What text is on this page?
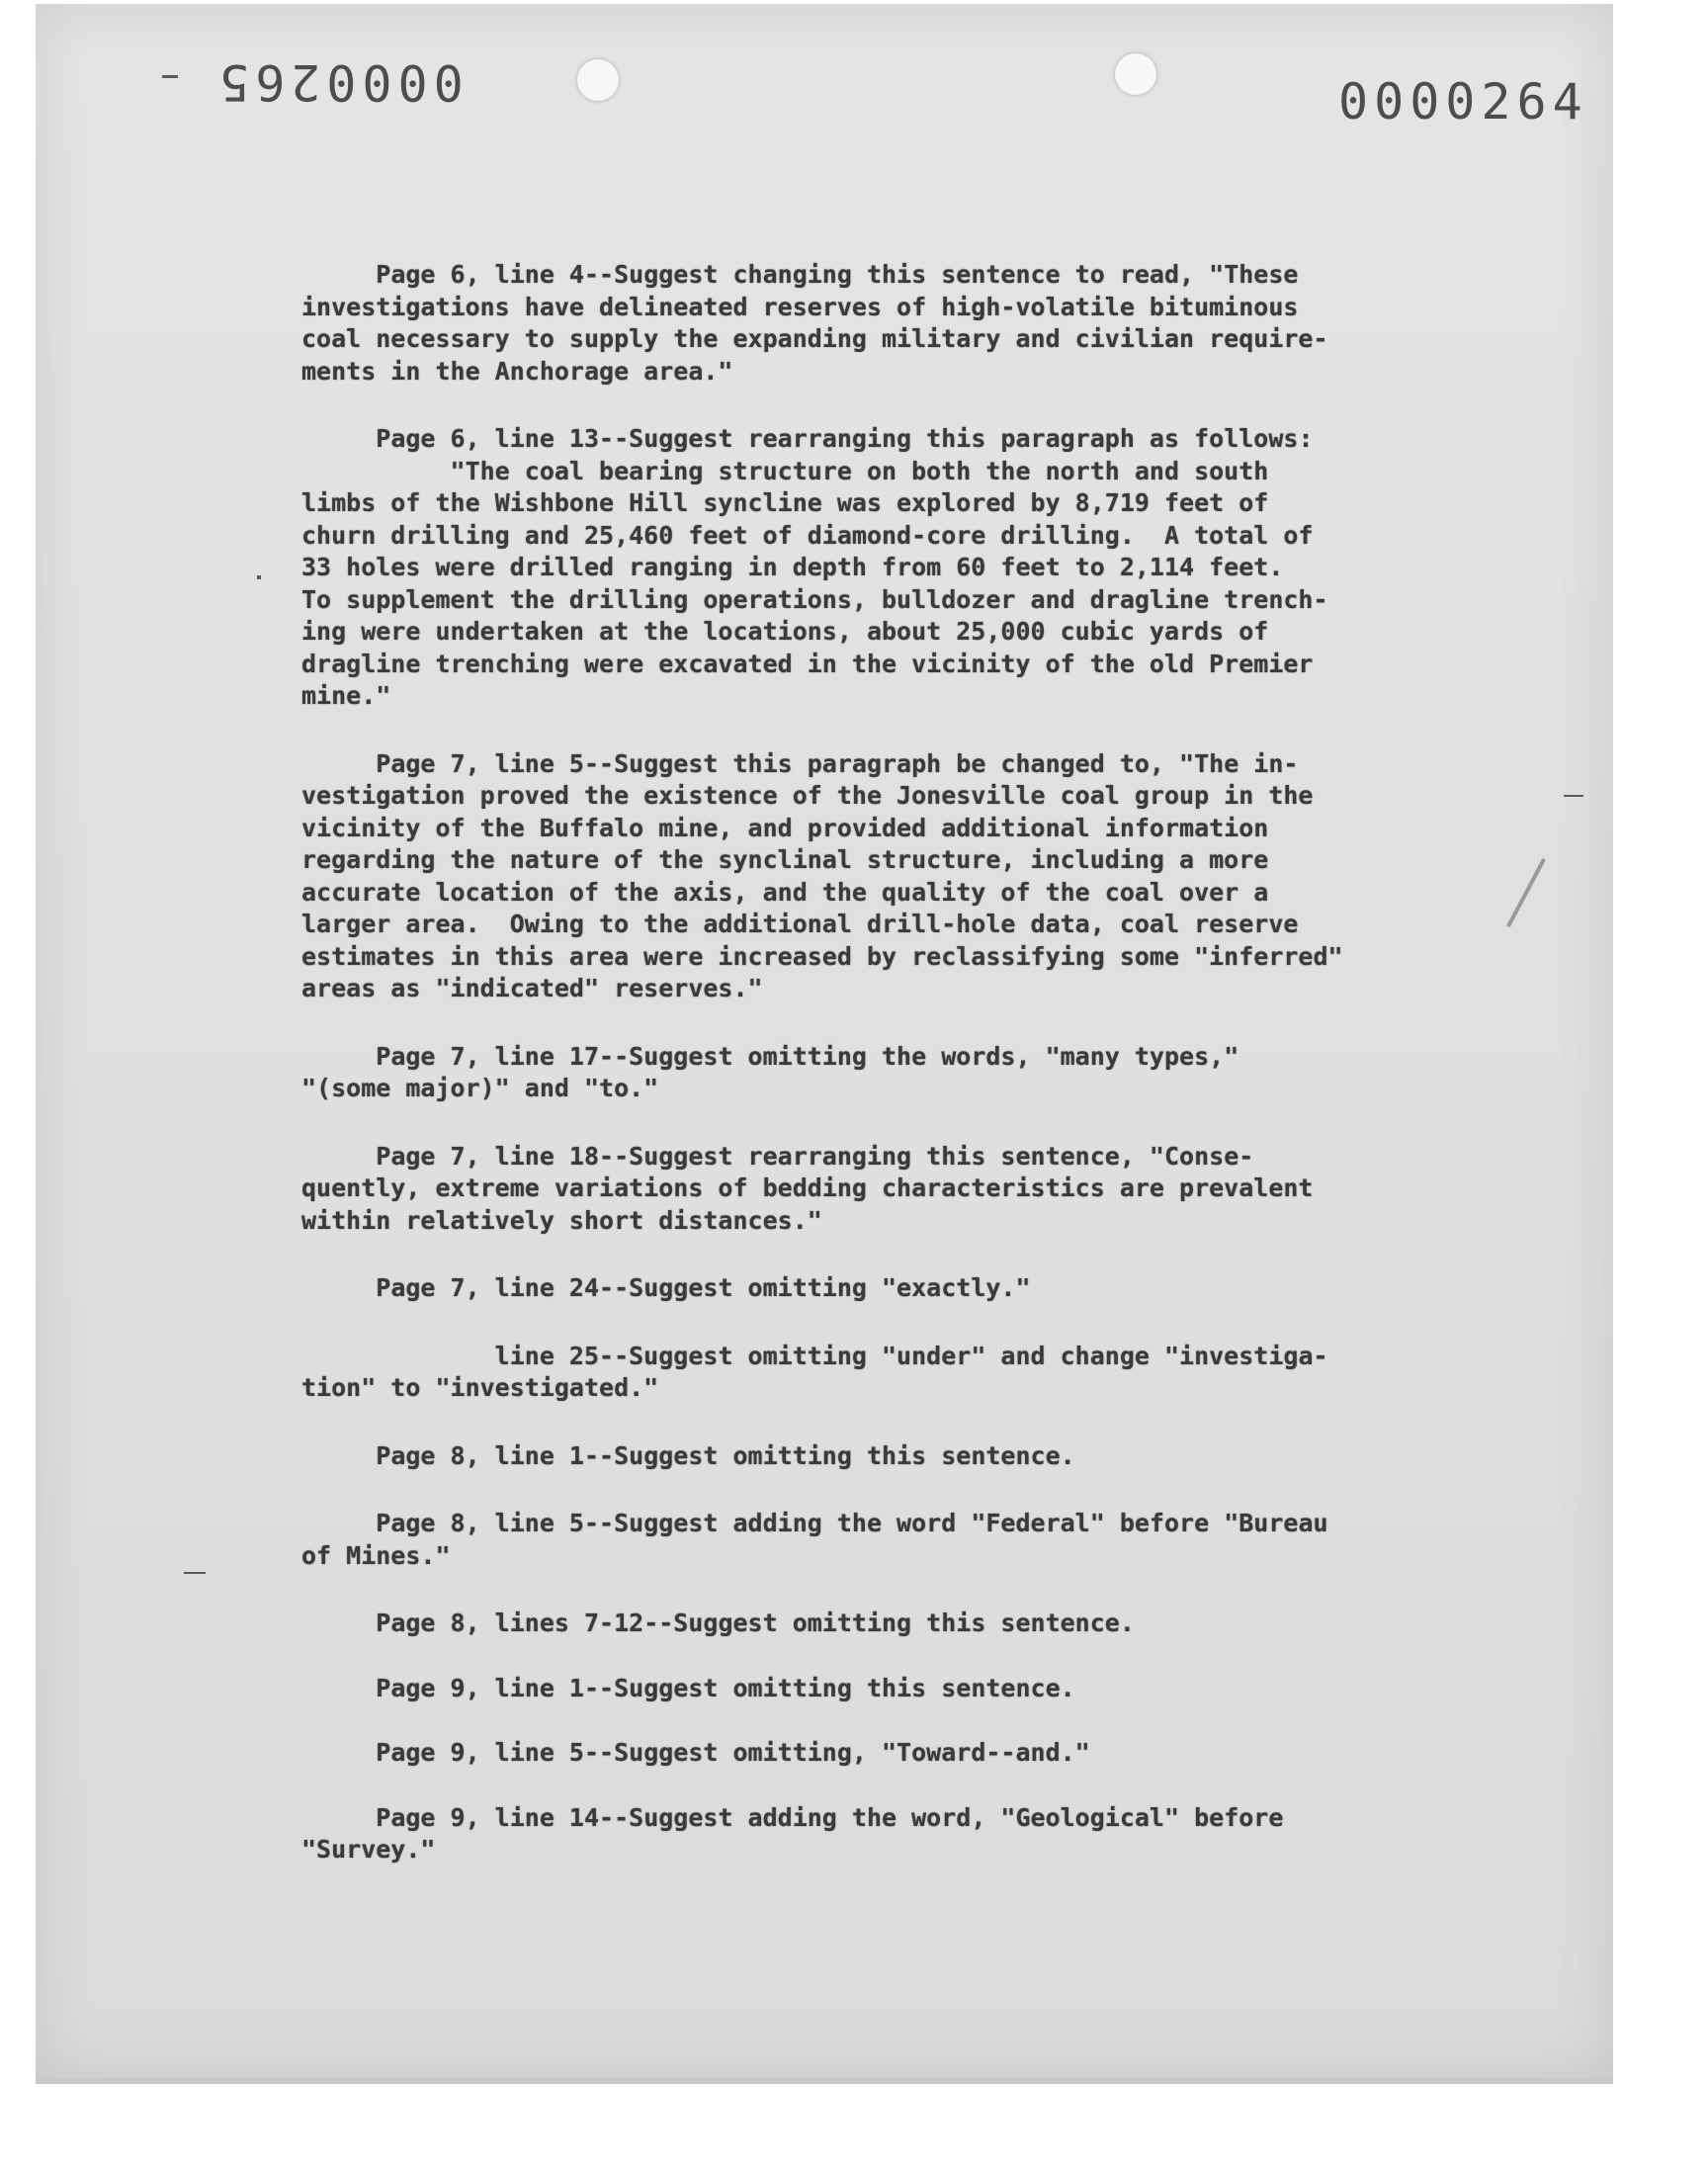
0000265	0000264

Page 6, line 4--Suggest changing this sentence to read, "These
investigations have delineated reserves of high-volatile bituminous
coal necessary to supply the expanding military and civilian require-
ments in the Anchorage area."

Page 6, line 13--Suggest rearranging this paragraph as follows:
"The coal bearing structure on both the north and south
limbs of the Wishbone Hill syncline was explored by 8,719 feet of
churn drilling and 25,460 feet of diamond-core drilling.  A total of
33 holes were drilled ranging in depth from 60 feet to 2,114 feet.
To supplement the drilling operations, bulldozer and dragline trench-
ing were undertaken at the locations, about 25,000 cubic yards of
dragline trenching were excavated in the vicinity of the old Premier
mine."

Page 7, line 5--Suggest this paragraph be changed to, "The in-
vestigation proved the existence of the Jonesville coal group in the
vicinity of the Buffalo mine, and provided additional information
regarding the nature of the synclinal structure, including a more
accurate location of the axis, and the quality of the coal over a
larger area.  Owing to the additional drill-hole data, coal reserve
estimates in this area were increased by reclassifying some "inferred"
areas as "indicated" reserves."

Page 7, line 17--Suggest omitting the words, "many types,"
"(some major)" and "to."

Page 7, line 18--Suggest rearranging this sentence, "Conse-
quently, extreme variations of bedding characteristics are prevalent
within relatively short distances."

Page 7, line 24--Suggest omitting "exactly."

line 25--Suggest omitting "under" and change "investiga-
tion" to "investigated."

Page 8, line 1--Suggest omitting this sentence.

Page 8, line 5--Suggest adding the word "Federal" before "Bureau
of Mines."

Page 8, lines 7-12--Suggest omitting this sentence.

Page 9, line 1--Suggest omitting this sentence.

Page 9, line 5--Suggest omitting, "Toward--and."

Page 9, line 14--Suggest adding the word, "Geological" before
"Survey."
